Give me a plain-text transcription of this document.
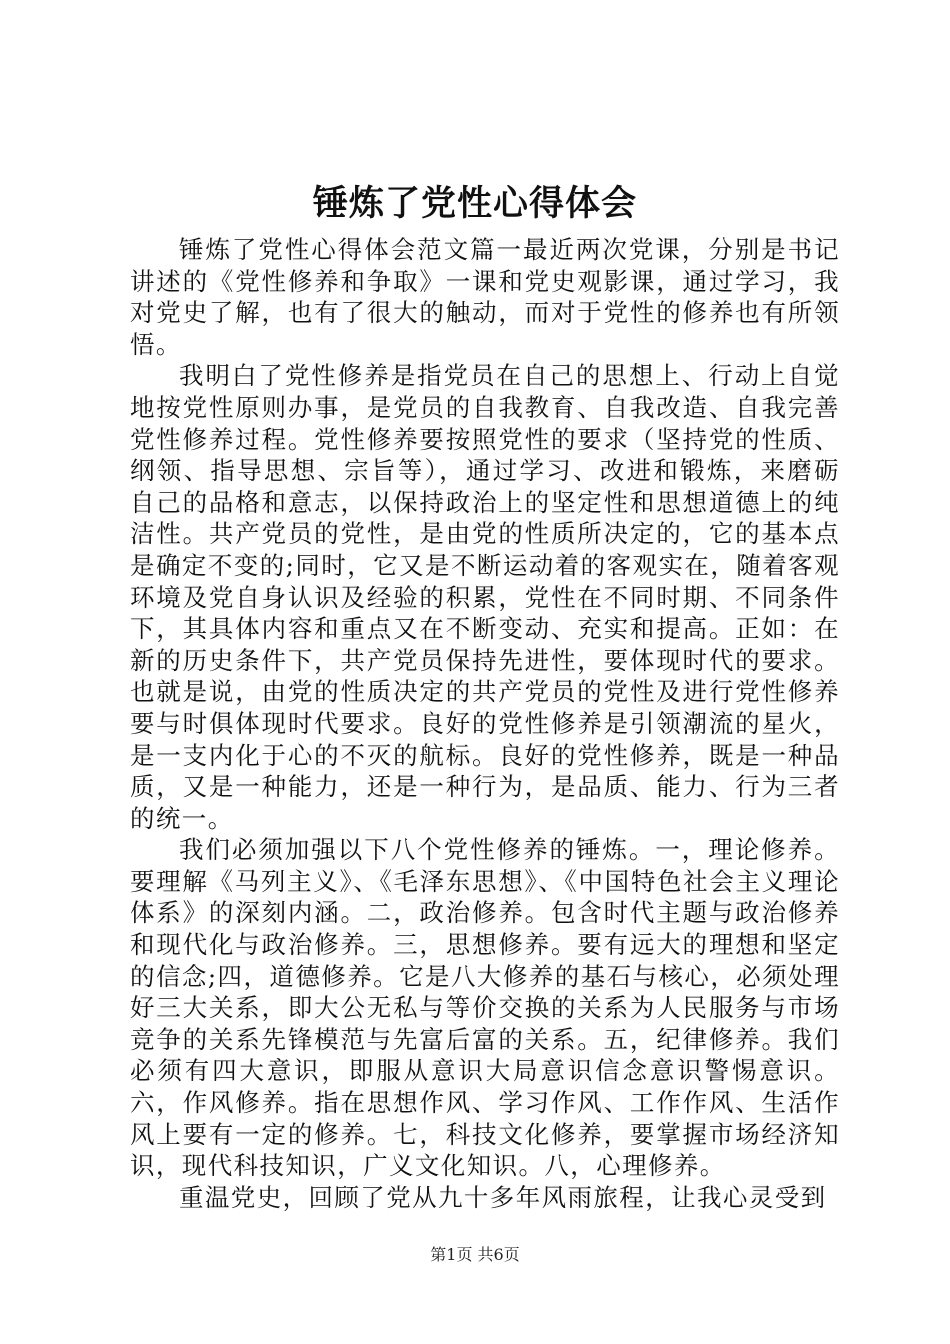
锤炼了党性心得体会

锤炼了党性心得体会范文篇一最近两次党课，分别是书记讲述的《党性修养和争取》一课和党史观影课，通过学习，我对党史了解，也有了很大的触动，而对于党性的修养也有所领悟。

我明白了党性修养是指党员在自己的思想上、行动上自觉地按党性原则办事，是党员的自我教育、自我改造、自我完善党性修养过程。党性修养要按照党性的要求（坚持党的性质、纲领、指导思想、宗旨等），通过学习、改进和锻炼，来磨砺自己的品格和意志，以保持政治上的坚定性和思想道德上的纯洁性。共产党员的党性，是由党的性质所决定的，它的基本点是确定不变的;同时，它又是不断运动着的客观实在，随着客观环境及党自身认识及经验的积累，党性在不同时期、不同条件下，其具体内容和重点又在不断变动、充实和提高。正如：在新的历史条件下，共产党员保持先进性，要体现时代的要求。也就是说，由党的性质决定的共产党员的党性及进行党性修养要与时俱体现时代要求。良好的党性修养是引领潮流的星火，是一支内化于心的不灭的航标。良好的党性修养，既是一种品质，又是一种能力，还是一种行为，是品质、能力、行为三者的统一。

我们必须加强以下八个党性修养的锤炼。一，理论修养。要理解《马列主义》、《毛泽东思想》、《中国特色社会主义理论体系》的深刻内涵。二，政治修养。包含时代主题与政治修养和现代化与政治修养。三，思想修养。要有远大的理想和坚定的信念;四，道德修养。它是八大修养的基石与核心，必须处理好三大关系，即大公无私与等价交换的关系为人民服务与市场竞争的关系先锋模范与先富后富的关系。五，纪律修养。我们必须有四大意识，即服从意识大局意识信念意识警惕意识。六，作风修养。指在思想作风、学习作风、工作作风、生活作风上要有一定的修养。七，科技文化修养，要掌握市场经济知识，现代科技知识，广义文化知识。八，心理修养。

重温党史，回顾了党从九十多年风雨旅程，让我心灵受到

第1页 共6页
